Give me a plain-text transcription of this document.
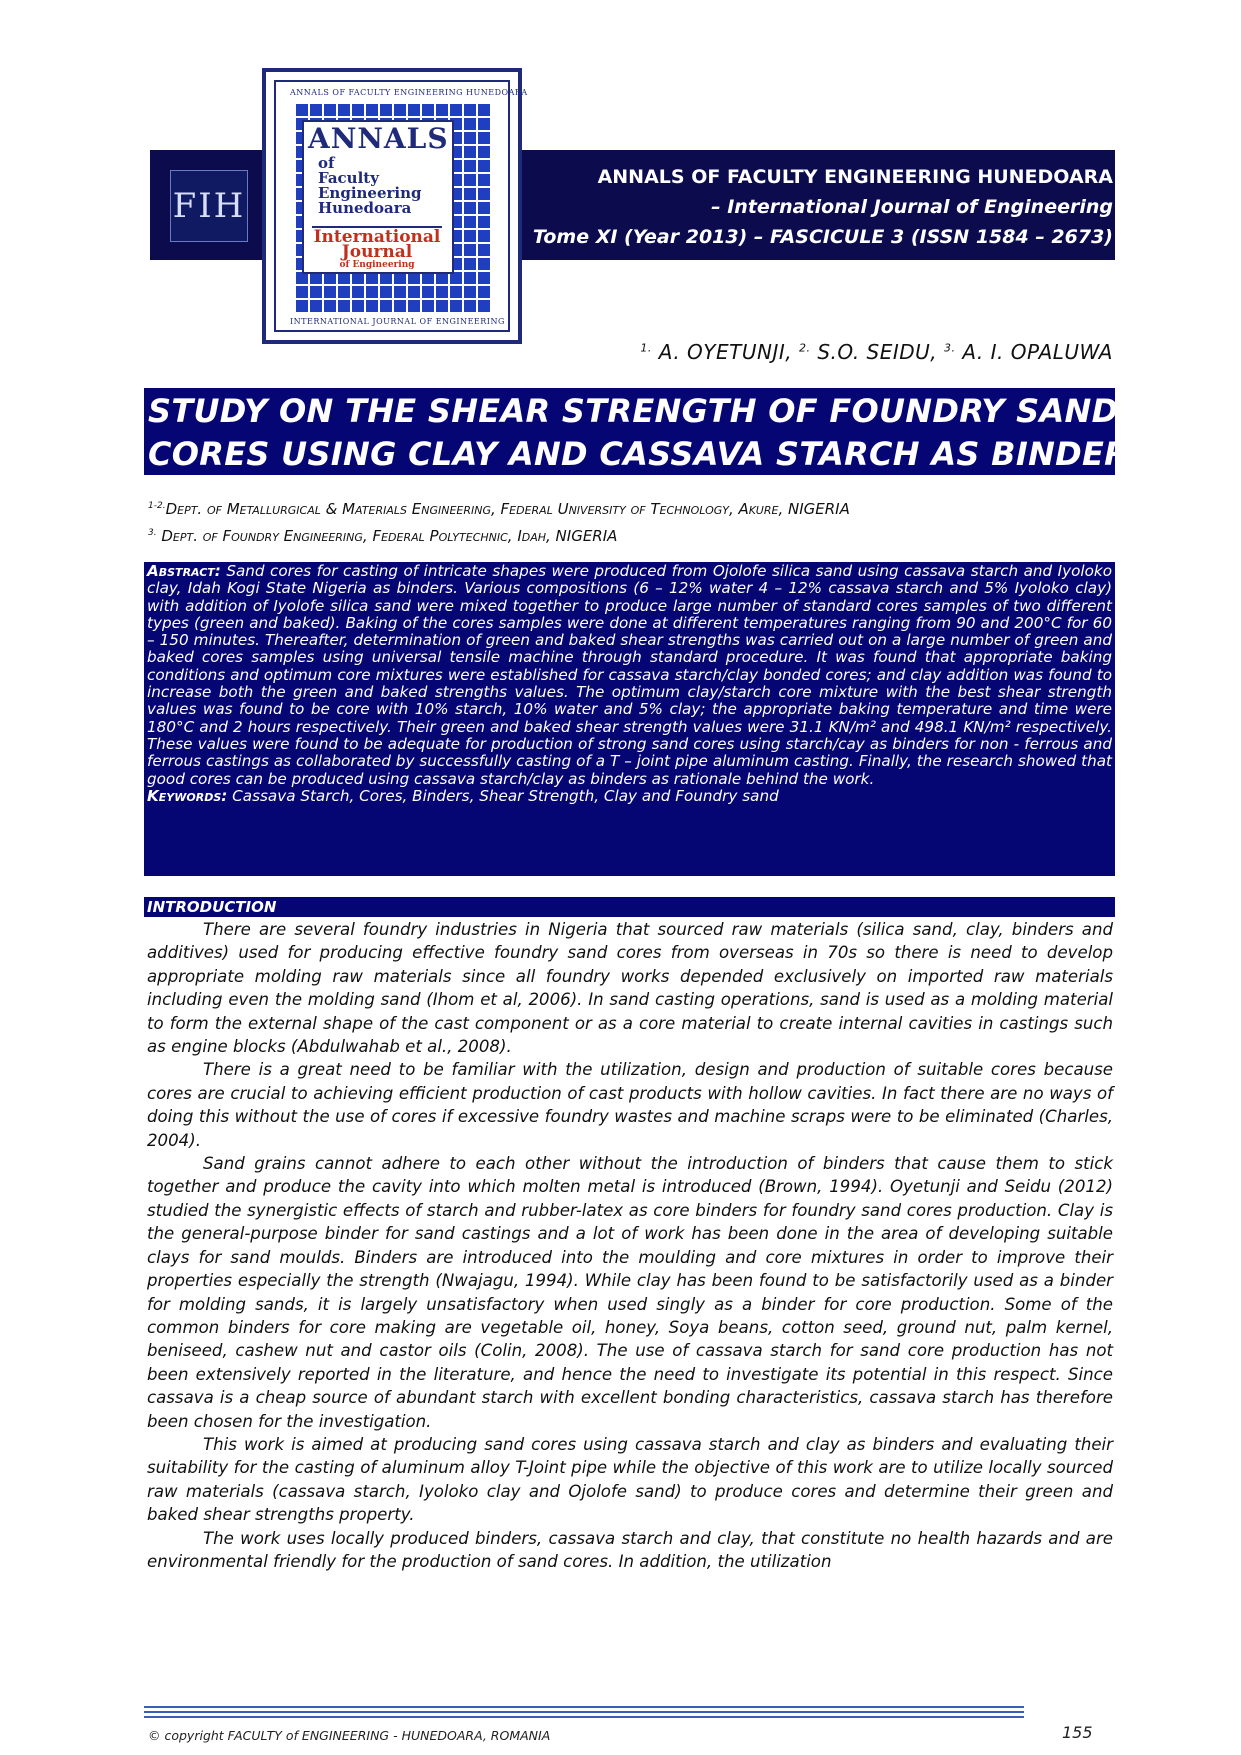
FIH
ANNALS
of
Faculty
Engineering
Hunedoara
International
Journal
of Engineering
ANNALS OF FACULTY ENGINEERING HUNEDOARA
INTERNATIONAL JOURNAL OF ENGINEERING
ANNALS OF FACULTY ENGINEERING HUNEDOARA
– International Journal of Engineering
Tome XI (Year 2013) – FASCICULE 3 (ISSN 1584 – 2673)
$^{1.}$ A. OYETUNJI, $^{2.}$ S.O. SEIDU, $^{3.}$ A. I. OPALUWA
STUDY ON THE SHEAR STRENGTH OF FOUNDRY SAND
CORES USING CLAY AND CASSAVA STARCH AS BINDER
$^{1-2.}$Dept. of Metallurgical & Materials Engineering, Federal University of Technology, Akure, NIGERIA
$^{3.}$ Dept. of Foundry Engineering, Federal Polytechnic, Idah, NIGERIA
Abstract: Sand cores for casting of intricate shapes were produced from Ojolofe silica sand using cassava starch and Iyoloko clay, Idah Kogi State Nigeria as binders. Various compositions (6 – 12% water 4 – 12% cassava starch and 5% Iyoloko clay) with addition of Iyolofe silica sand were mixed together to produce large number of standard cores samples of two different types (green and baked). Baking of the cores samples were done at different temperatures ranging from 90 and 200°C for 60 – 150 minutes. Thereafter, determination of green and baked shear strengths was carried out on a large number of green and baked cores samples using universal tensile machine through standard procedure. It was found that appropriate baking conditions and optimum core mixtures were established for cassava starch/clay bonded cores; and clay addition was found to increase both the green and baked strengths values. The optimum clay/starch core mixture with the best shear strength values was found to be core with 10% starch, 10% water and 5% clay; the appropriate baking temperature and time were 180°C and 2 hours respectively. Their green and baked shear strength values were 31.1 KN/m² and 498.1 KN/m² respectively. These values were found to be adequate for production of strong sand cores using starch/cay as binders for non - ferrous and ferrous castings as collaborated by successfully casting of a T – joint pipe aluminum casting. Finally, the research showed that good cores can be produced using cassava starch/clay as binders as rationale behind the work.
Keywords: Cassava Starch, Cores, Binders, Shear Strength, Clay and Foundry sand
INTRODUCTION

There are several foundry industries in Nigeria that sourced raw materials (silica sand, clay, binders and additives) used for producing effective foundry sand cores from overseas in 70s so there is need to develop appropriate molding raw materials since all foundry works depended exclusively on imported raw materials including even the molding sand (Ihom et al, 2006). In sand casting operations, sand is used as a molding material to form the external shape of the cast component or as a core material to create internal cavities in castings such as engine blocks (Abdulwahab et al., 2008).

There is a great need to be familiar with the utilization, design and production of suitable cores because cores are crucial to achieving efficient production of cast products with hollow cavities. In fact there are no ways of doing this without the use of cores if excessive foundry wastes and machine scraps were to be eliminated (Charles, 2004).

Sand grains cannot adhere to each other without the introduction of binders that cause them to stick together and produce the cavity into which molten metal is introduced (Brown, 1994). Oyetunji and Seidu (2012) studied the synergistic effects of starch and rubber-latex as core binders for foundry sand cores production. Clay is the general-purpose binder for sand castings and a lot of work has been done in the area of developing suitable clays for sand moulds. Binders are introduced into the moulding and core mixtures in order to improve their properties especially the strength (Nwajagu, 1994). While clay has been found to be satisfactorily used as a binder for molding sands, it is largely unsatisfactory when used singly as a binder for core production. Some of the common binders for core making are vegetable oil, honey, Soya beans, cotton seed, ground nut, palm kernel, beniseed, cashew nut and castor oils (Colin, 2008). The use of cassava starch for sand core production has not been extensively reported in the literature, and hence the need to investigate its potential in this respect. Since cassava is a cheap source of abundant starch with excellent bonding characteristics, cassava starch has therefore been chosen for the investigation.

This work is aimed at producing sand cores using cassava starch and clay as binders and evaluating their suitability for the casting of aluminum alloy T-Joint pipe while the objective of this work are to utilize locally sourced raw materials (cassava starch, Iyoloko clay and Ojolofe sand) to produce cores and determine their green and baked shear strengths property.

The work uses locally produced binders, cassava starch and clay, that constitute no health hazards and are environmental friendly for the production of sand cores. In addition, the utilization

© copyright FACULTY of ENGINEERING - HUNEDOARA, ROMANIA	155
